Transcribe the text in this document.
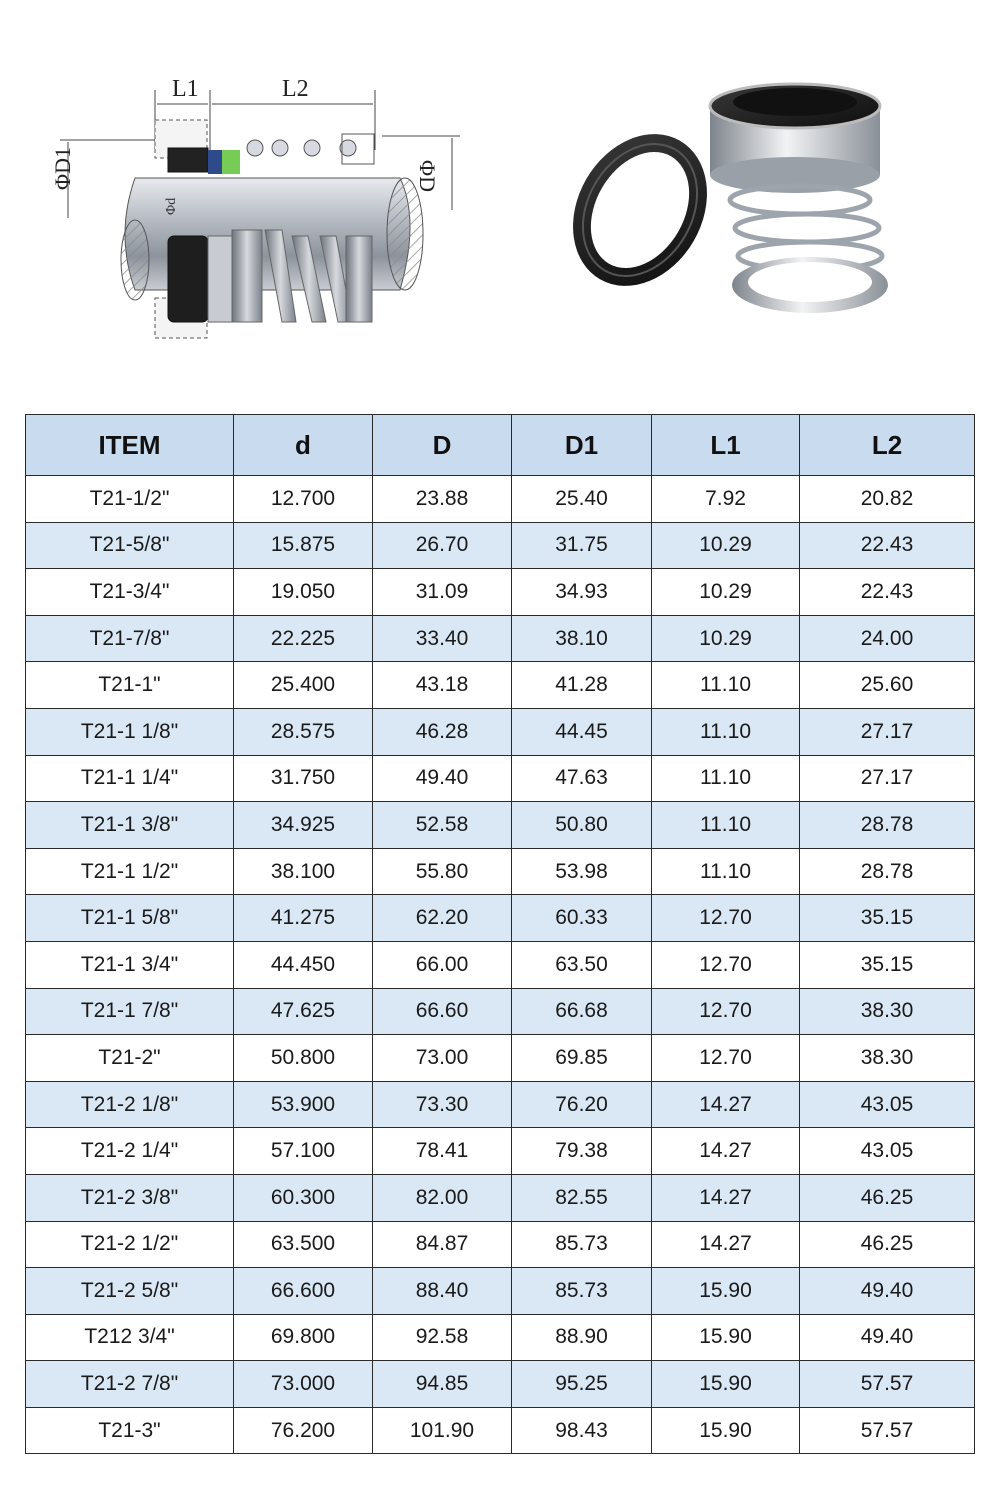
L1	L2
ΦD1	ΦD
Φd
ITEM	d	D	D1	L1	L2
T21-1/2"	12.700	23.88	25.40	7.92	20.82
T21-5/8"	15.875	26.70	31.75	10.29	22.43
T21-3/4"	19.050	31.09	34.93	10.29	22.43
T21-7/8"	22.225	33.40	38.10	10.29	24.00
T21-1"	25.400	43.18	41.28	11.10	25.60
T21-1 1/8"	28.575	46.28	44.45	11.10	27.17
T21-1 1/4"	31.750	49.40	47.63	11.10	27.17
T21-1 3/8"	34.925	52.58	50.80	11.10	28.78
T21-1 1/2"	38.100	55.80	53.98	11.10	28.78
T21-1 5/8"	41.275	62.20	60.33	12.70	35.15
T21-1 3/4"	44.450	66.00	63.50	12.70	35.15
T21-1 7/8"	47.625	66.60	66.68	12.70	38.30
T21-2"	50.800	73.00	69.85	12.70	38.30
T21-2 1/8"	53.900	73.30	76.20	14.27	43.05
T21-2 1/4"	57.100	78.41	79.38	14.27	43.05
T21-2 3/8"	60.300	82.00	82.55	14.27	46.25
T21-2 1/2"	63.500	84.87	85.73	14.27	46.25
T21-2 5/8"	66.600	88.40	85.73	15.90	49.40
T212 3/4"	69.800	92.58	88.90	15.90	49.40
T21-2 7/8"	73.000	94.85	95.25	15.90	57.57
T21-3"	76.200	101.90	98.43	15.90	57.57
